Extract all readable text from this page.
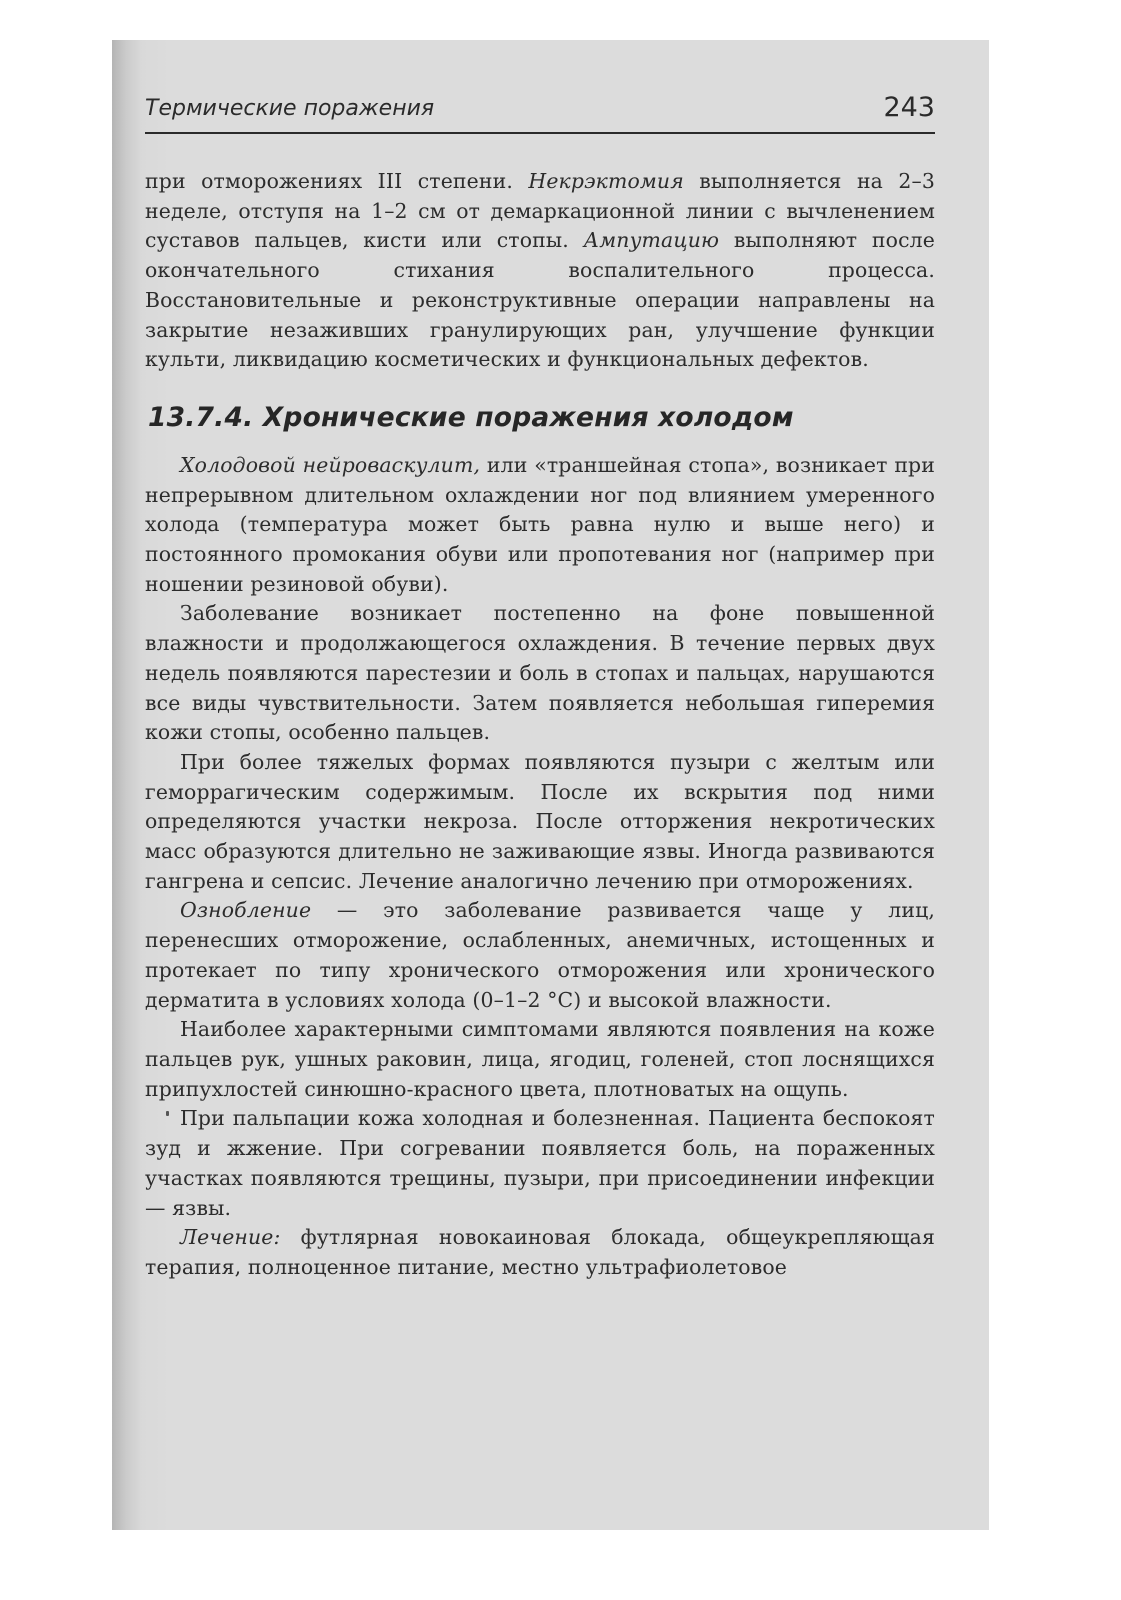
Термические поражения	243

при отморожениях III степени. Некрэктомия выполняется на 2–3 неделе, отступя на 1–2 см от демаркационной линии с вычленением суставов пальцев, кисти или стопы. Ампутацию выполняют после окончательного стихания воспалительного процесса. Восстановительные и реконструктивные операции направлены на закрытие незаживших гранулирующих ран, улучшение функции культи, ликвидацию косметических и функциональных дефектов.

13.7.4. Хронические поражения холодом

Холодовой нейроваскулит, или «траншейная стопа», возникает при непрерывном длительном охлаждении ног под влиянием умеренного холода (температура может быть равна нулю и выше него) и постоянного промокания обуви или пропотевания ног (например при ношении резиновой обуви).

Заболевание возникает постепенно на фоне повышенной влажности и продолжающегося охлаждения. В течение первых двух недель появляются парестезии и боль в стопах и пальцах, нарушаются все виды чувствительности. Затем появляется небольшая гиперемия кожи стопы, особенно пальцев.

При более тяжелых формах появляются пузыри с желтым или геморрагическим содержимым. После их вскрытия под ними определяются участки некроза. После отторжения некротических масс образуются длительно не заживающие язвы. Иногда развиваются гангрена и сепсис. Лечение аналогично лечению при отморожениях.

Ознобление — это заболевание развивается чаще у лиц, перенесших отморожение, ослабленных, анемичных, истощенных и протекает по типу хронического отморожения или хронического дерматита в условиях холода (0–1–2 °С) и высокой влажности.

Наиболее характерными симптомами являются появления на коже пальцев рук, ушных раковин, лица, ягодиц, голеней, стоп лоснящихся припухлостей синюшно-красного цвета, плотноватых на ощупь.

При пальпации кожа холодная и болезненная. Пациента беспокоят зуд и жжение. При согревании появляется боль, на пораженных участках появляются трещины, пузыри, при присоединении инфекции — язвы.

Лечение: футлярная новокаиновая блокада, общеукрепляющая терапия, полноценное питание, местно ультрафиолетовое
